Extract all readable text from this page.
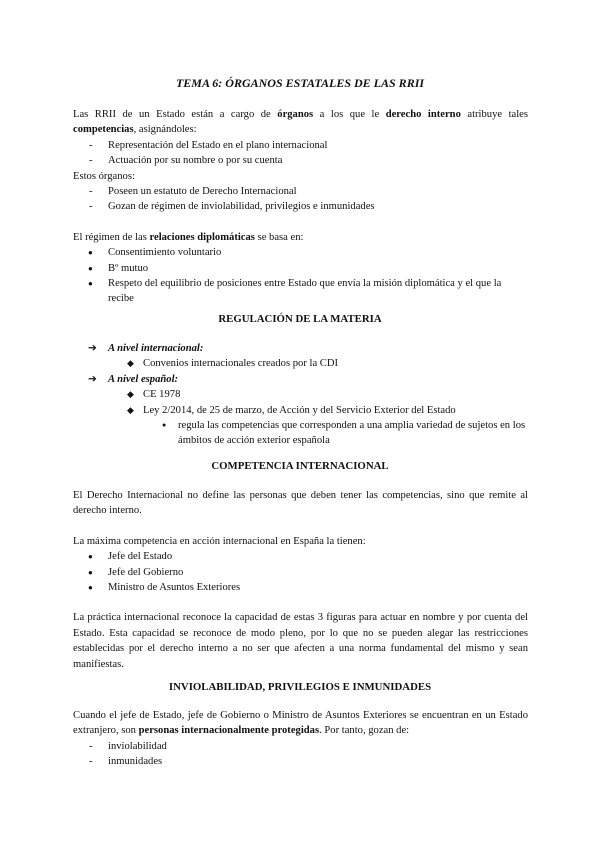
TEMA 6: ÓRGANOS ESTATALES DE LAS RRII

Las RRII de un Estado están a cargo de órganos a los que le derecho interno atribuye tales competencias, asignándoles:

- Representación del Estado en el plano internacional
- Actuación por su nombre o por su cuenta

Estos órganos:

- Poseen un estatuto de Derecho Internacional
- Gozan de régimen de inviolabilidad, privilegios e inmunidades

El régimen de las relaciones diplomáticas se basa en:

● Consentimiento voluntario
● Bº mutuo
● Respeto del equilibrio de posiciones entre Estado que envía la misión diplomática y el que la recibe
REGULACIÓN DE LA MATERIA
➔ A nivel internacional:
◆ Convenios internacionales creados por la CDI
➔ A nivel español:
◆ CE 1978
◆ Ley 2/2014, de 25 de marzo, de Acción y del Servicio Exterior del Estado
● regula las competencias que corresponden a una amplia variedad de sujetos en los ámbitos de acción exterior española
COMPETENCIA INTERNACIONAL

El Derecho Internacional no define las personas que deben tener las competencias, sino que remite al derecho interno.

La máxima competencia en acción internacional en España la tienen:

● Jefe del Estado
● Jefe del Gobierno
● Ministro de Asuntos Exteriores

La práctica internacional reconoce la capacidad de estas 3 figuras para actuar en nombre y por cuenta del Estado. Esta capacidad se reconoce de modo pleno, por lo que no se pueden alegar las restricciones establecidas por el derecho interno a no ser que afecten a una norma fundamental del mismo y sean manifiestas.

INVIOLABILIDAD, PRIVILEGIOS E INMUNIDADES

Cuando el jefe de Estado, jefe de Gobierno o Ministro de Asuntos Exteriores se encuentran en un Estado extranjero, son personas internacionalmente protegidas. Por tanto, gozan de:

- inviolabilidad
- inmunidades
